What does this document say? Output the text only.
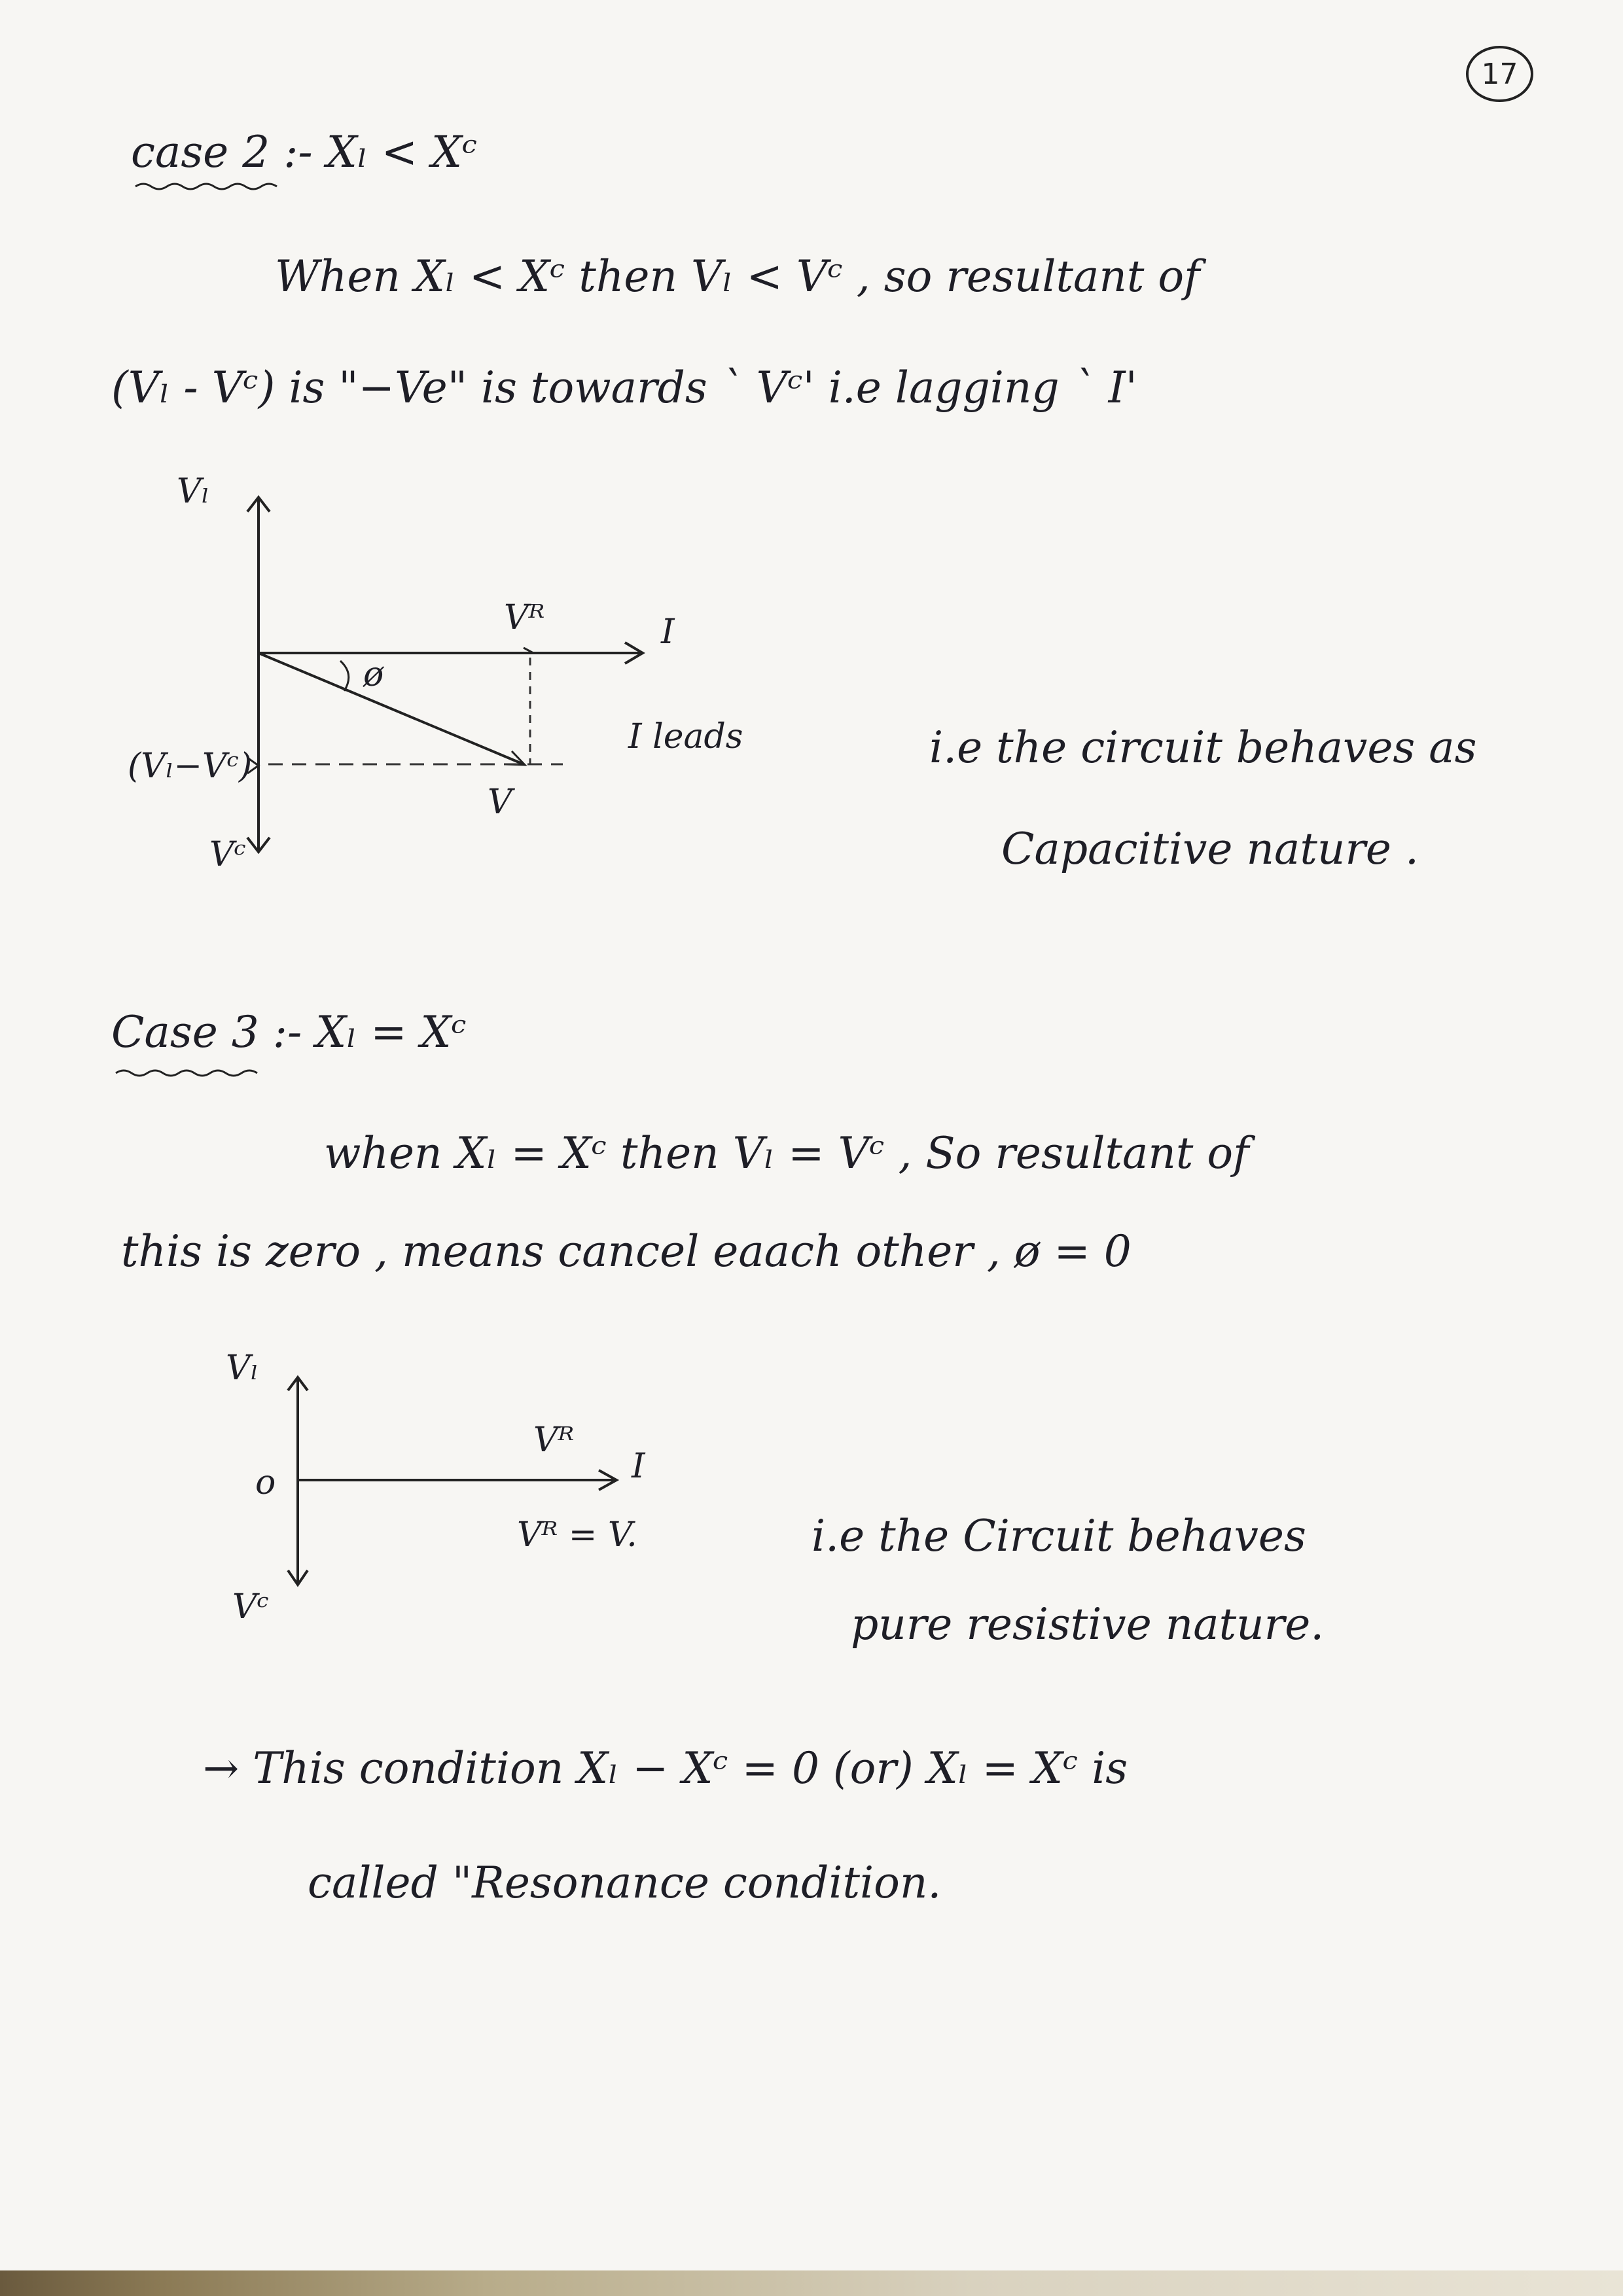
17
case 2 :- Xₗ < Xᶜ
When Xₗ < Xᶜ then Vₗ < Vᶜ , so resultant of
(Vₗ - Vᶜ) is "−Ve" is towards ` Vᶜ' i.e lagging ` I'
Vₗ
Vᴿ	I
ø
I leads
(Vₗ−Vᶜ)
V
Vᶜ
i.e the circuit behaves as
Capacitive nature .
Case 3 :- Xₗ = Xᶜ
when Xₗ = Xᶜ then Vₗ = Vᶜ , So resultant of
this is zero , means cancel eaach other , ø = 0
Vₗ
o
Vᴿ
I
Vᴿ = V.
Vᶜ
i.e the Circuit behaves
pure resistive nature.
→ This condition Xₗ − Xᶜ = 0 (or) Xₗ = Xᶜ is
called "Resonance condition.
